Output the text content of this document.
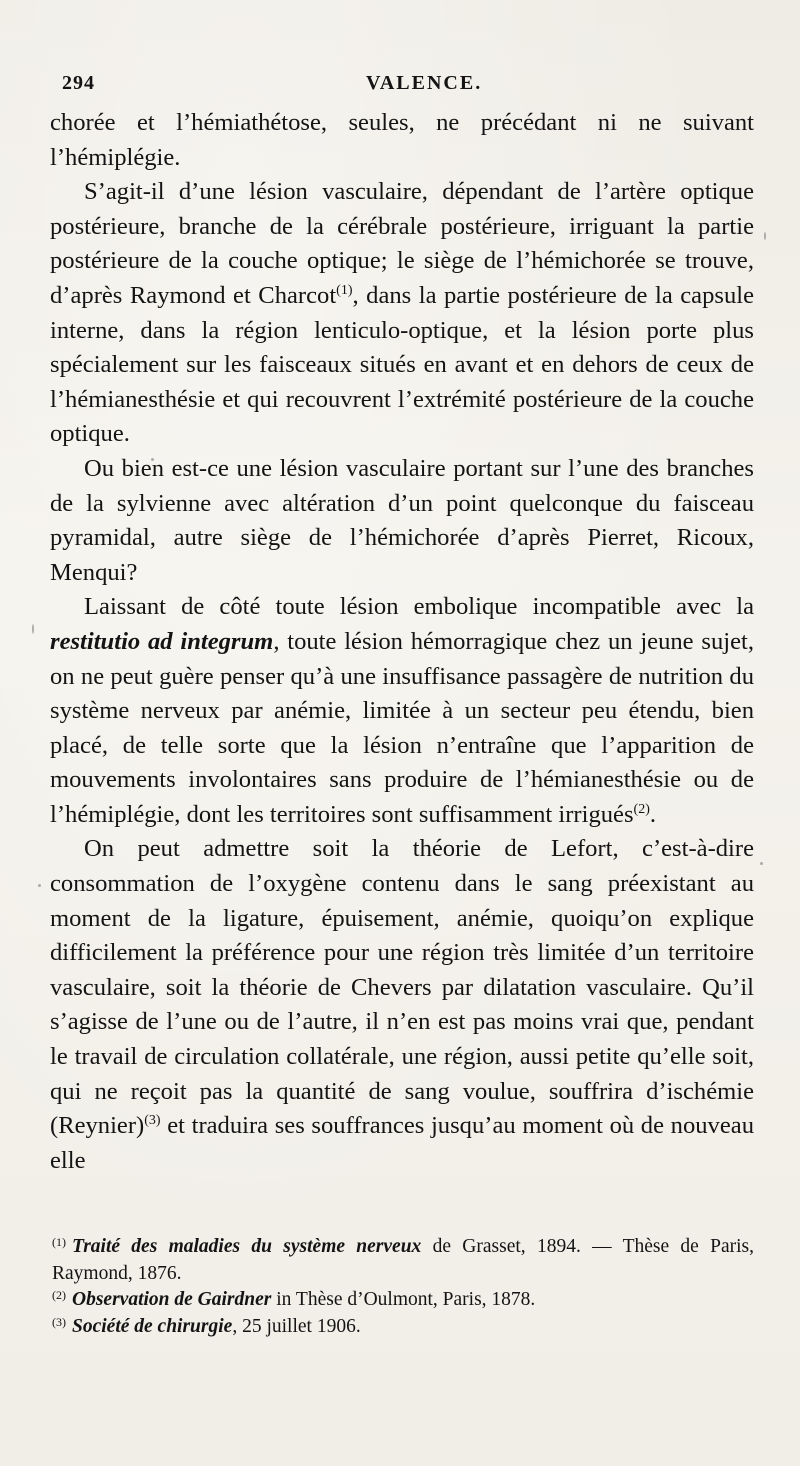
294	VALENCE.

chorée et l’hémiathétose, seules, ne précédant ni ne suivant l’hémiplégie.

S’agit-il d’une lésion vasculaire, dépendant de l’artère optique postérieure, branche de la cérébrale postérieure, irriguant la partie postérieure de la couche optique; le siège de l’hémichorée se trouve, d’après Raymond et Charcot$^{(1)}$, dans la partie postérieure de la capsule interne, dans la région lenticulo-optique, et la lésion porte plus spécialement sur les faisceaux situés en avant et en dehors de ceux de l’hémianesthésie et qui recouvrent l’extrémité postérieure de la couche optique.

Ou bien est-ce une lésion vasculaire portant sur l’une des branches de la sylvienne avec altération d’un point quelconque du faisceau pyramidal, autre siège de l’hémichorée d’après Pierret, Ricoux, Menqui?

Laissant de côté toute lésion embolique incompatible avec la restitutio ad integrum, toute lésion hémorragique chez un jeune sujet, on ne peut guère penser qu’à une insuffisance passagère de nutrition du système nerveux par anémie, limitée à un secteur peu étendu, bien placé, de telle sorte que la lésion n’entraîne que l’apparition de mouvements involontaires sans produire de l’hémianesthésie ou de l’hémiplégie, dont les territoires sont suffisamment irrigués$^{(2)}$.

On peut admettre soit la théorie de Lefort, c’est-à-dire consommation de l’oxygène contenu dans le sang préexistant au moment de la ligature, épuisement, anémie, quoiqu’on explique difficilement la préférence pour une région très limitée d’un territoire vasculaire, soit la théorie de Chevers par dilatation vasculaire. Qu’il s’agisse de l’une ou de l’autre, il n’en est pas moins vrai que, pendant le travail de circulation collatérale, une région, aussi petite qu’elle soit, qui ne reçoit pas la quantité de sang voulue, souffrira d’ischémie (Reynier)$^{(3)}$ et traduira ses souffrances jusqu’au moment où de nouveau elle

$^{(1)}$ Traité des maladies du système nerveux de Grasset, 1894. — Thèse de Paris, Raymond, 1876.

$^{(2)}$ Observation de Gairdner in Thèse d’Oulmont, Paris, 1878.

$^{(3)}$ Société de chirurgie, 25 juillet 1906.
